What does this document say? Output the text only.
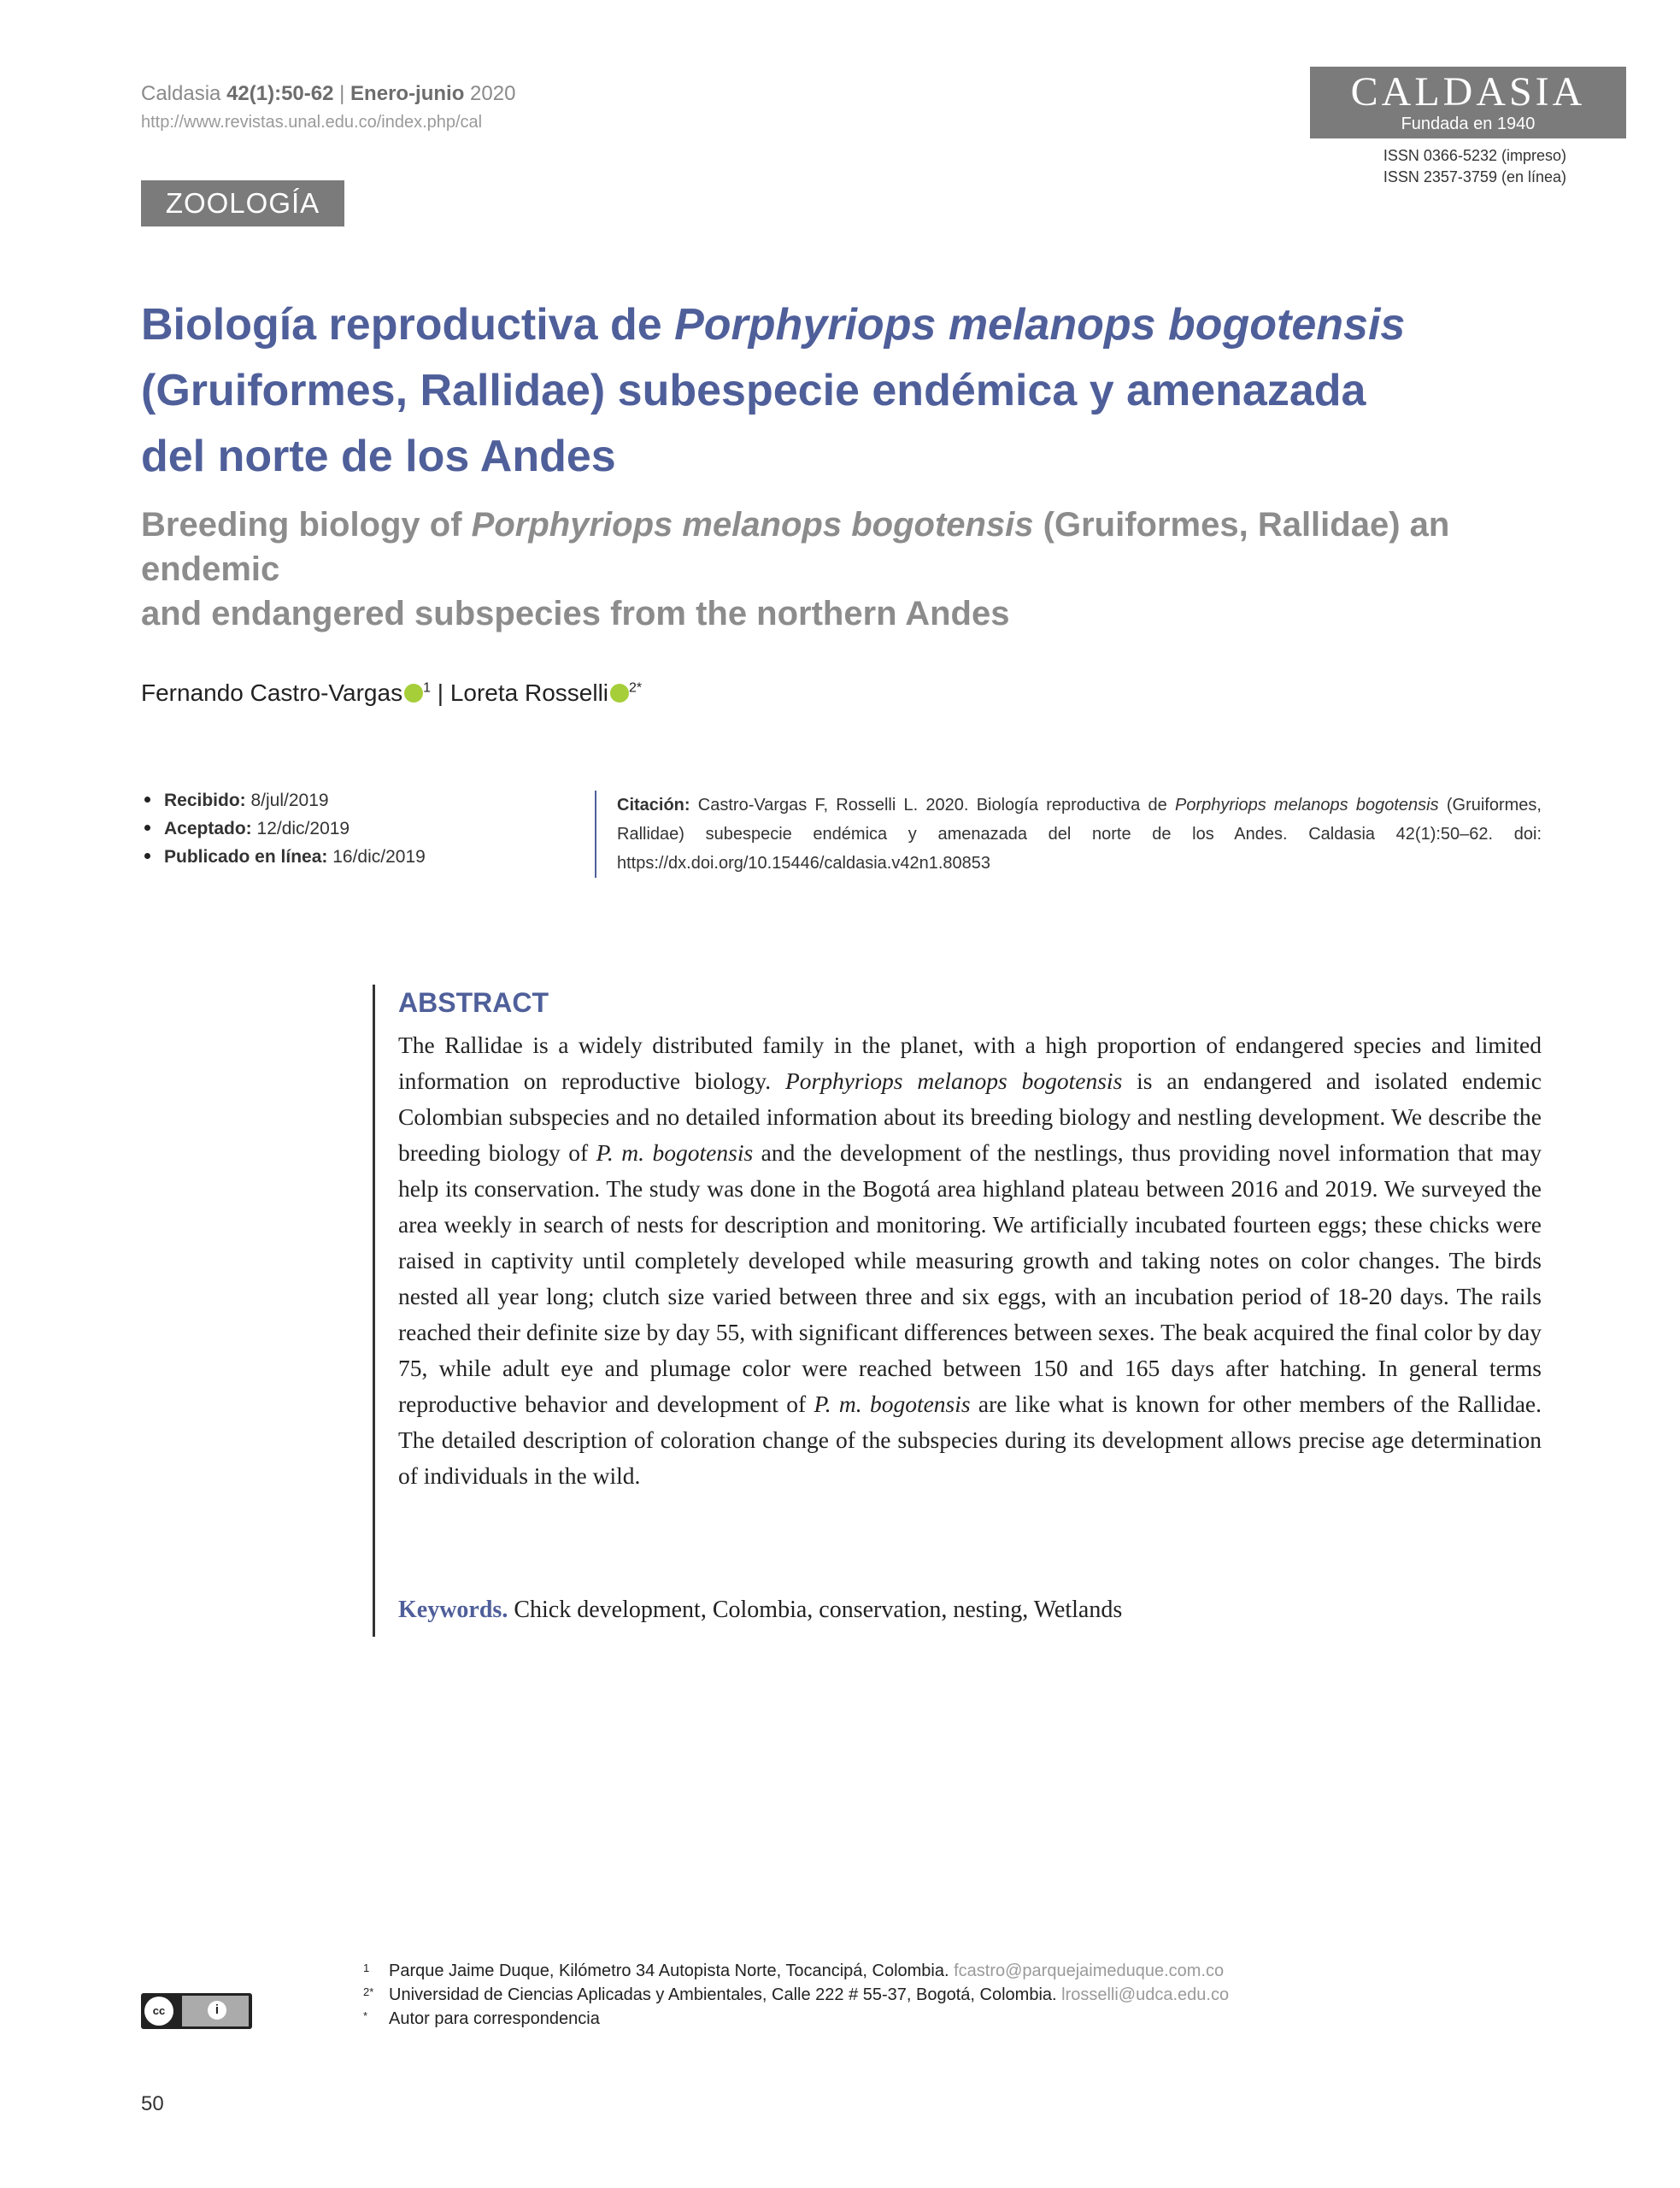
Caldasia 42(1):50-62 | Enero-junio 2020
http://www.revistas.unal.edu.co/index.php/cal
CALDASIA
Fundada en 1940
ISSN 0366-5232 (impreso)
ISSN 2357-3759 (en línea)
ZOOLOGÍA
Biología reproductiva de Porphyriops melanops bogotensis
(Gruiformes, Rallidae) subespecie endémica y amenazada
del norte de los Andes
Breeding biology of Porphyriops melanops bogotensis (Gruiformes, Rallidae) an endemic
and endangered subspecies from the northern Andes
Fernando Castro-Vargas $^1$ | Loreta Rosselli $^{2*}$
Recibido: 8/jul/2019
Aceptado: 12/dic/2019
Publicado en línea: 16/dic/2019
Citación: Castro-Vargas F, Rosselli L. 2020. Biología reproductiva de Porphyriops melanops bogotensis (Gruiformes, Rallidae) subespecie endémica y amenazada del norte de los Andes. Caldasia 42(1):50–62. doi: https://dx.doi.org/10.15446/caldasia.v42n1.80853
ABSTRACT
The Rallidae is a widely distributed family in the planet, with a high proportion of endangered species and limited information on reproductive biology. Porphyriops melanops bogotensis is an endangered and isolated endemic Colombian subspecies and no detailed information about its breeding biology and nestling development. We describe the breeding biology of P. m. bogotensis and the development of the nestlings, thus providing novel information that may help its conservation. The study was done in the Bogotá area highland plateau between 2016 and 2019. We surveyed the area weekly in search of nests for description and monitoring. We artificially incubated fourteen eggs; these chicks were raised in captivity until completely developed while measuring growth and taking notes on color changes. The birds nested all year long; clutch size varied between three and six eggs, with an incubation period of 18-20 days. The rails reached their definite size by day 55, with significant differences between sexes. The beak acquired the final color by day 75, while adult eye and plumage color were reached between 150 and 165 days after hatching. In general terms reproductive behavior and development of P. m. bogotensis are like what is known for other members of the Rallidae. The detailed description of coloration change of the subspecies during its development allows precise age determination of individuals in the wild.
Keywords. Chick development, Colombia, conservation, nesting, Wetlands
cc	i
1 Parque Jaime Duque, Kilómetro 34 Autopista Norte, Tocancipá, Colombia. fcastro@parquejaimeduque.com.co
2* Universidad de Ciencias Aplicadas y Ambientales, Calle 222 # 55-37, Bogotá, Colombia. lrosselli@udca.edu.co
* Autor para correspondencia
50
